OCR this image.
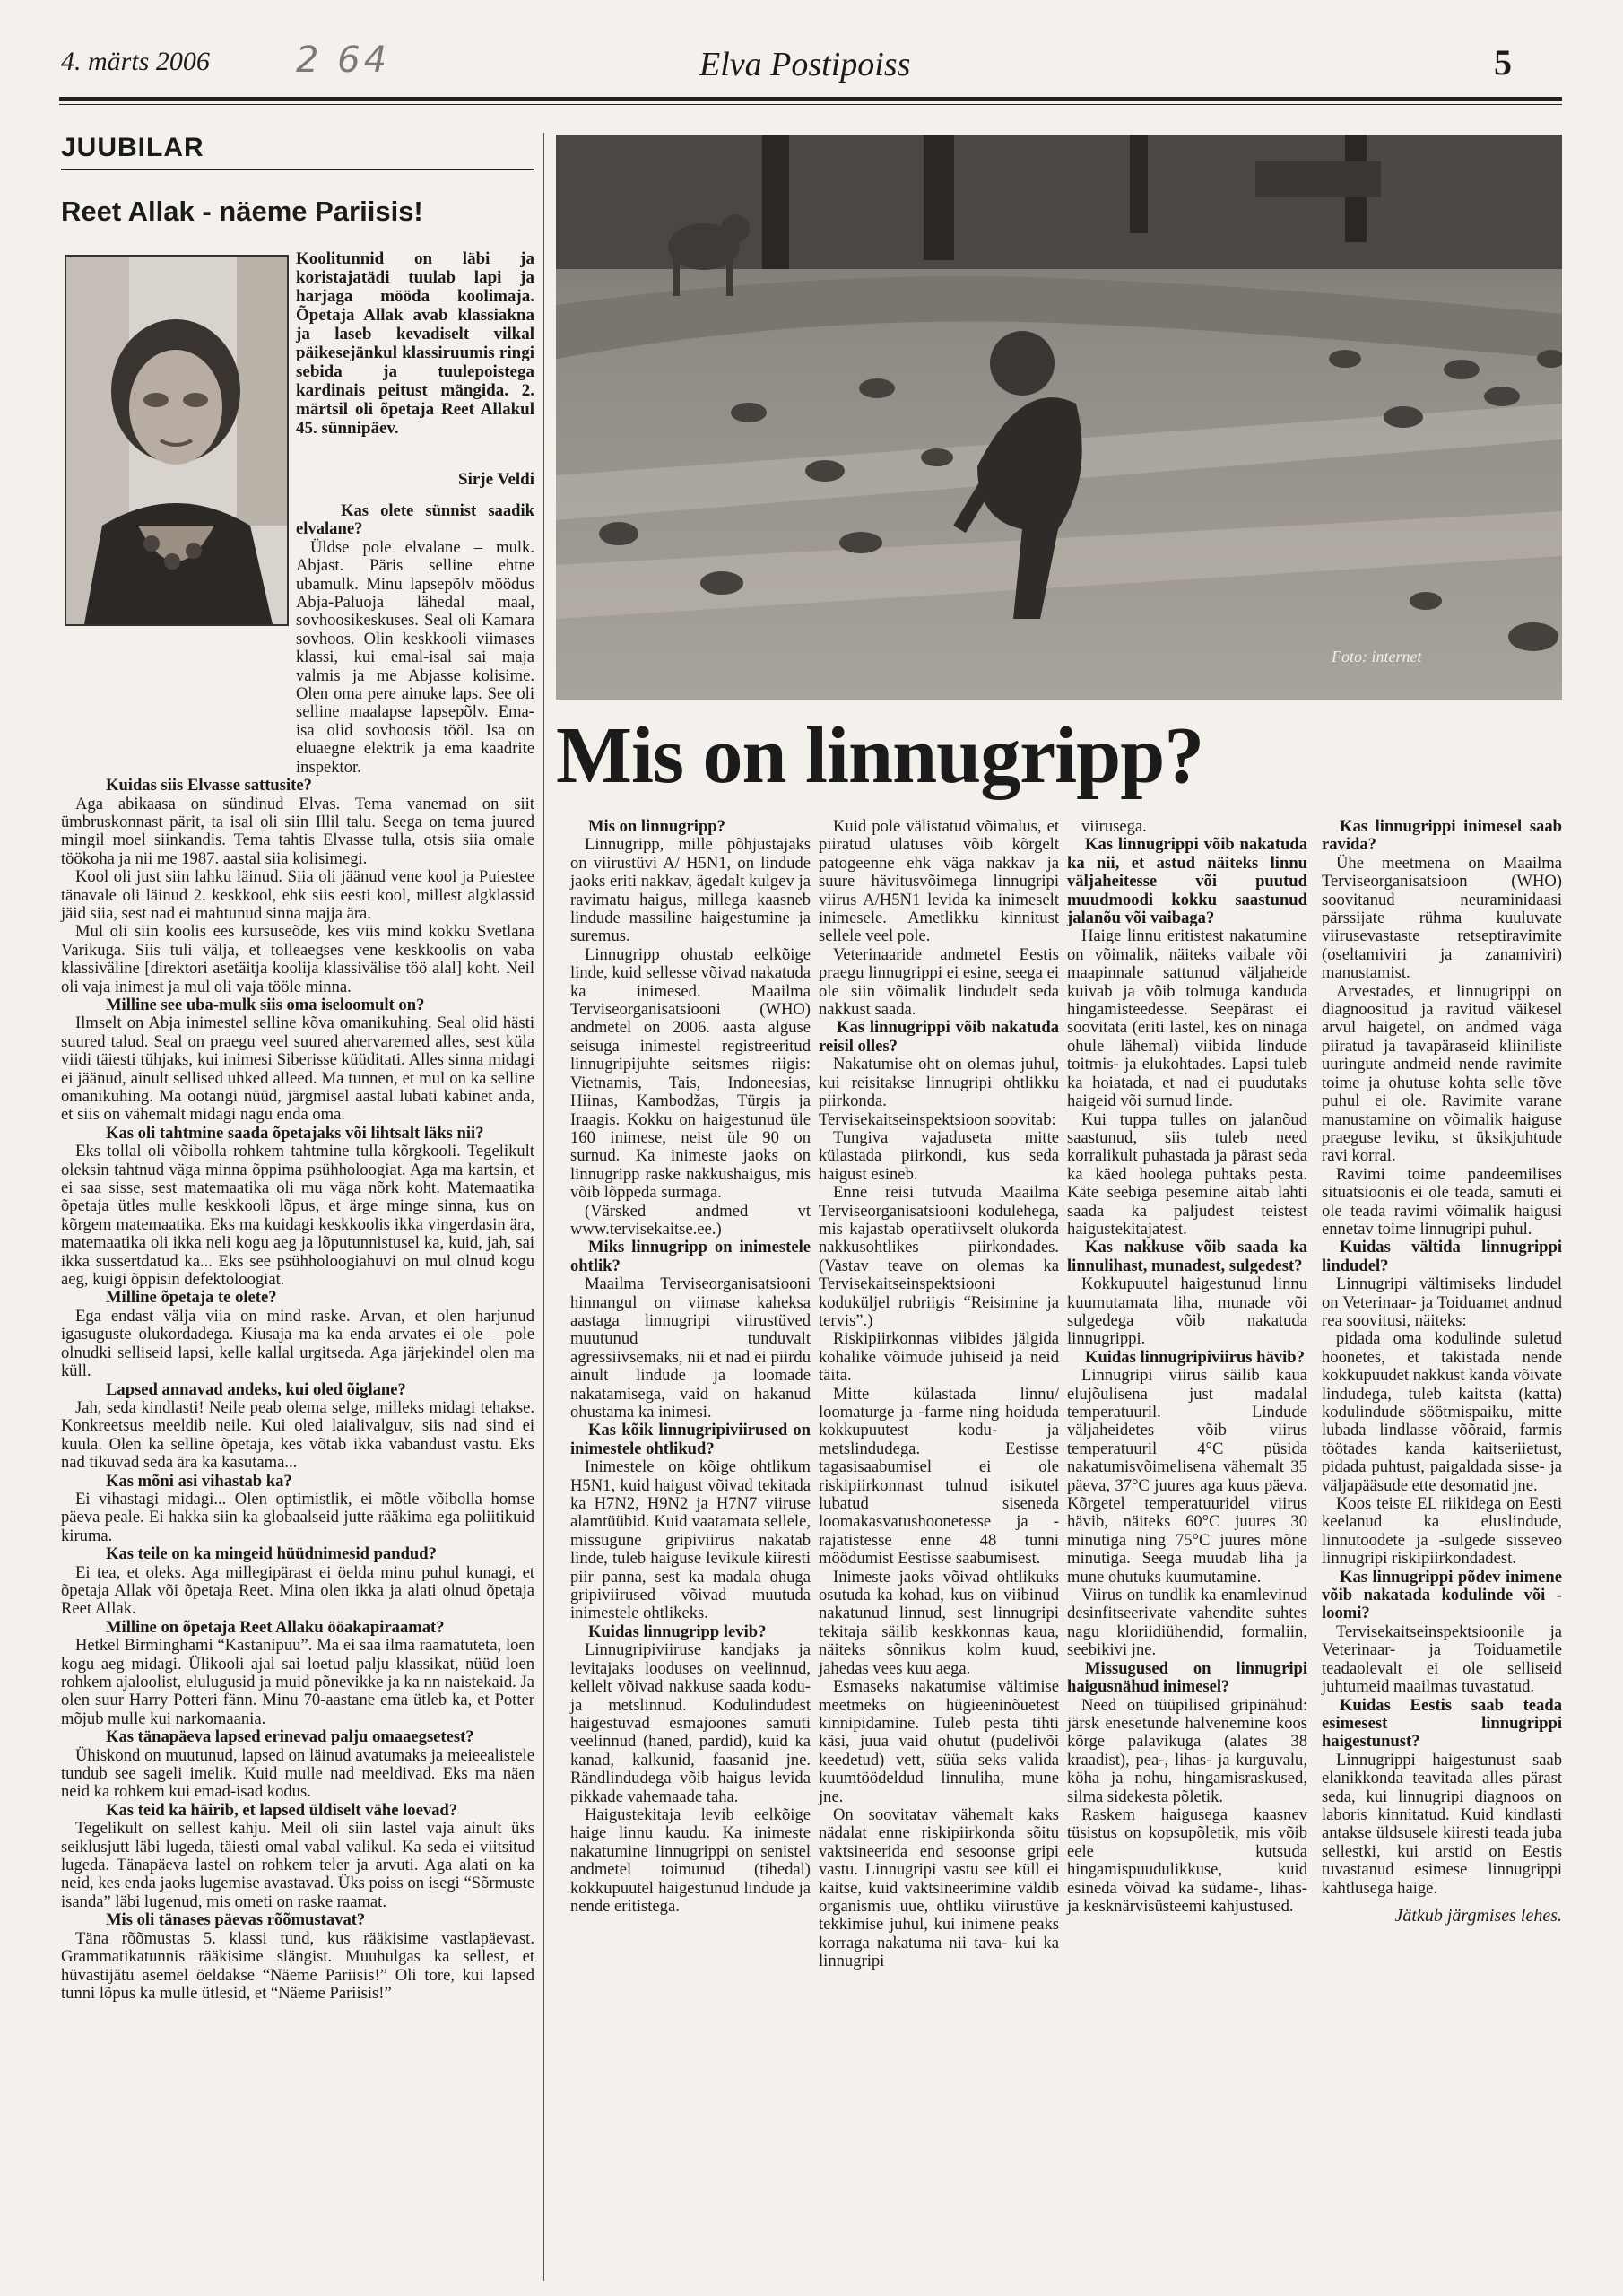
4. märts 2006 2 64	Elva Postipoiss	5
JUUBILAR
Reet Allak - näeme Pariisis!

Koolitunnid on läbi ja koristajatädi tuulab lapi ja harjaga mööda koolimaja. Õpetaja Allak avab klassiakna ja laseb kevadiselt vilkal päikesejänkul klassiruumis ringi sebida ja tuulepoistega kardinais peitust mängida. 2. märtsil oli õpetaja Reet Allakul 45. sünnipäev.

Sirje Veldi

Kas olete sünnist saadik elvalane?

Üldse pole elvalane – mulk. Abjast. Päris selline ehtne ubamulk. Minu lapsepõlv möödus Abja-Paluoja lähedal maal, sovhoosikeskuses. Seal oli Kamara sovhoos. Olin keskkooli viimases klassi, kui emal-isal sai maja valmis ja me Abjasse kolisime. Olen oma pere ainuke laps. See oli selline maalapse lapsepõlv. Ema-isa olid sovhoosis tööl. Isa on eluaegne elektrik ja ema kaadrite inspektor.

Kuidas siis Elvasse sattusite?

Aga abikaasa on sündinud Elvas. Tema vanemad on siit ümbruskonnast pärit, ta isal oli siin Illil talu. Seega on tema juured mingil moel siinkandis. Tema tahtis Elvasse tulla, otsis siia omale töökoha ja nii me 1987. aastal siia kolisimegi.

Kool oli just siin lahku läinud. Siia oli jäänud vene kool ja Puiestee tänavale oli läinud 2. keskkool, ehk siis eesti kool, millest algklassid jäid siia, sest nad ei mahtunud sinna majja ära.

Mul oli siin koolis ees kursuseõde, kes viis mind kokku Svetlana Varikuga. Siis tuli välja, et tolleaegses vene keskkoolis on vaba klassiväline [direktori asetäitja koolija klassivälise töö alal] koht. Neil oli vaja inimest ja mul oli vaja tööle minna.

Milline see uba-mulk siis oma iseloomult on?

Ilmselt on Abja inimestel selline kõva omanikuhing. Seal olid hästi suured talud. Seal on praegu veel suured ahervaremed alles, sest küla viidi täiesti tühjaks, kui inimesi Siberisse küüditati. Alles sinna midagi ei jäänud, ainult sellised uhked alleed. Ma tunnen, et mul on ka selline omanikuhing. Ma ootangi nüüd, järgmisel aastal lubati kabinet anda, et siis on vähemalt midagi nagu enda oma.

Kas oli tahtmine saada õpetajaks või lihtsalt läks nii?

Eks tollal oli võibolla rohkem tahtmine tulla kõrgkooli. Tegelikult oleksin tahtnud väga minna õppima psühholoogiat. Aga ma kartsin, et ei saa sisse, sest matemaatika oli mu väga nõrk koht. Matemaatika õpetaja ütles mulle keskkooli lõpus, et ärge minge sinna, kus on kõrgem matemaatika. Eks ma kuidagi keskkoolis ikka vingerdasin ära, matemaatika oli ikka neli kogu aeg ja lõputunnistusel ka, kuid, jah, sai ikka sussertdatud ka... Eks see psühholoogiahuvi on mul olnud kogu aeg, kuigi õppisin defektoloogiat.

Milline õpetaja te olete?

Ega endast välja viia on mind raske. Arvan, et olen harjunud igasuguste olukordadega. Kiusaja ma ka enda arvates ei ole – pole olnudki selliseid lapsi, kelle kallal urgitseda. Aga järjekindel olen ma küll.

Lapsed annavad andeks, kui oled õiglane?

Jah, seda kindlasti! Neile peab olema selge, milleks midagi tehakse. Konkreetsus meeldib neile. Kui oled laialivalguv, siis nad sind ei kuula. Olen ka selline õpetaja, kes võtab ikka vabandust vastu. Eks nad tikuvad seda ära ka kasutama...

Kas mõni asi vihastab ka?

Ei vihastagi midagi... Olen optimistlik, ei mõtle võibolla homse päeva peale. Ei hakka siin ka globaalseid jutte rääkima ega poliitikuid kiruma.

Kas teile on ka mingeid hüüdnimesid pandud?

Ei tea, et oleks. Aga millegipärast ei öelda minu puhul kunagi, et õpetaja Allak või õpetaja Reet. Mina olen ikka ja alati olnud õpetaja Reet Allak.

Milline on õpetaja Reet Allaku ööakapiraamat?

Hetkel Birminghami “Kastanipuu”. Ma ei saa ilma raamatuteta, loen kogu aeg midagi. Ülikooli ajal sai loetud palju klassikat, nüüd loen rohkem ajaloolist, elulugusid ja muid põnevikke ja ka nn naistekaid. Ja olen suur Harry Potteri fänn. Minu 70-aastane ema ütleb ka, et Potter mõjub mulle kui narkomaania.

Kas tänapäeva lapsed erinevad palju omaaegsetest?

Ühiskond on muutunud, lapsed on läinud avatumaks ja meieealistele tundub see sageli imelik. Kuid mulle nad meeldivad. Eks ma näen neid ka rohkem kui emad-isad kodus.

Kas teid ka häirib, et lapsed üldiselt vähe loevad?

Tegelikult on sellest kahju. Meil oli siin lastel vaja ainult üks seiklusjutt läbi lugeda, täiesti omal vabal valikul. Ka seda ei viitsitud lugeda. Tänapäeva lastel on rohkem teler ja arvuti. Aga alati on ka neid, kes enda jaoks lugemise avastavad. Üks poiss on isegi “Sõrmuste isanda” läbi lugenud, mis ometi on raske raamat.

Mis oli tänases päevas rõõmustavat?

Täna rõõmustas 5. klassi tund, kus rääkisime vastlapäevast. Grammatikatunnis rääkisime slängist. Muuhulgas ka sellest, et hüvastijätu asemel öeldakse “Näeme Pariisis!” Oli tore, kui lapsed tunni lõpus ka mulle ütlesid, et “Näeme Pariisis!”

Foto: internet
Mis on linnugripp?

Mis on linnugripp?

Linnugripp, mille põhjustajaks on viirustüvi A/ H5N1, on lindude jaoks eriti nakkav, ägedalt kulgev ja ravimatu haigus, millega kaasneb lindude massiline haigestumine ja suremus.

Linnugripp ohustab eelkõige linde, kuid sellesse võivad nakatuda ka inimesed. Maailma Terviseorganisatsiooni (WHO) andmetel on 2006. aasta alguse seisuga inimestel registreeritud linnugripijuhte seitsmes riigis: Vietnamis, Tais, Indoneesias, Hiinas, Kambodžas, Türgis ja Iraagis. Kokku on haigestunud üle 160 inimese, neist üle 90 on surnud. Ka inimeste jaoks on linnugripp raske nakkushaigus, mis võib lõppeda surmaga.

(Värsked andmed vt www.tervisekaitse.ee.)

Miks linnugripp on inimestele ohtlik?

Maailma Terviseorganisatsiooni hinnangul on viimase kaheksa aastaga linnugripi viirustüved muutunud tunduvalt agressiivsemaks, nii et nad ei piirdu ainult lindude ja loomade nakatamisega, vaid on hakanud ohustama ka inimesi.

Kas kõik linnugripiviirused on inimestele ohtlikud?

Inimestele on kõige ohtlikum H5N1, kuid haigust võivad tekitada ka H7N2, H9N2 ja H7N7 viiruse alamtüübid. Kuid vaatamata sellele, missugune gripiviirus nakatab linde, tuleb haiguse levikule kiiresti piir panna, sest ka madala ohuga gripiviirused võivad muutuda inimestele ohtlikeks.

Kuidas linnugripp levib?

Linnugripiviiruse kandjaks ja levitajaks looduses on veelinnud, kellelt võivad nakkuse saada kodu- ja metslinnud. Kodulindudest haigestuvad esmajoones samuti veelinnud (haned, pardid), kuid ka kanad, kalkunid, faasanid jne. Rändlindudega võib haigus levida pikkade vahemaade taha.

Haigustekitaja levib eelkõige haige linnu kaudu. Ka inimeste nakatumine linnugrippi on senistel andmetel toimunud (tihedal) kokkupuutel haigestunud lindude ja nende eritistega.

Kuid pole välistatud võimalus, et piiratud ulatuses võib kõrgelt patogeenne ehk väga nakkav ja suure hävitusvõimega linnugripi viirus A/H5N1 levida ka inimeselt inimesele. Ametlikku kinnitust sellele veel pole.

Veterinaaride andmetel Eestis praegu linnugrippi ei esine, seega ei ole siin võimalik lindudelt seda nakkust saada.

Kas linnugrippi võib nakatuda reisil olles?

Nakatumise oht on olemas juhul, kui reisitakse linnugripi ohtlikku piirkonda. Tervisekaitseinspektsioon soovitab:

Tungiva vajaduseta mitte külastada piirkondi, kus seda haigust esineb.

Enne reisi tutvuda Maailma Terviseorganisatsiooni kodulehega, mis kajastab operatiivselt olukorda nakkusohtlikes piirkondades. (Vastav teave on olemas ka Tervisekaitseinspektsiooni koduküljel rubriigis “Reisimine ja tervis”.)

Riskipiirkonnas viibides jälgida kohalike võimude juhiseid ja neid täita.

Mitte külastada linnu/ loomaturge ja -farme ning hoiduda kokkupuutest kodu- ja metslindudega. Eestisse tagasisaabumisel ei ole riskipiirkonnast tulnud isikutel lubatud sisenedа loomakasvatushoonetesse ja -rajatistesse enne 48 tunni möödumist Eestisse saabumisest.

Inimeste jaoks võivad ohtlikuks osutuda ka kohad, kus on viibinud nakatunud linnud, sest linnugripi tekitaja säilib keskkonnas kaua, näiteks sõnnikus kolm kuud, jahedas vees kuu aega.

Esmaseks nakatumise vältimise meetmeks on hügieeninõuetest kinnipidamine. Tuleb pesta tihti käsi, juua vaid ohutut (pudelivõi keedetud) vett, süüa seks valida kuumtöödeldud linnuliha, mune jne.

On soovitatav vähemalt kaks nädalat enne riskipiirkonda sõitu vaktsineerida end sesoonse gripi vastu. Linnugripi vastu see küll ei kaitse, kuid vaktsineerimine väldib organismis uue, ohtliku viirustüve tekkimise juhul, kui inimene peaks korraga nakatuma nii tava- kui ka linnugripi

viirusega.

Kas linnugrippi võib nakatuda ka nii, et astud näiteks linnu väljaheitesse või puutud muudmoodi kokku saastunud jalanõu või vaibaga?

Haige linnu eritistest nakatumine on võimalik, näiteks vaibale või maapinnale sattunud väljaheide kuivab ja võib tolmuga kandudа hingamisteedesse. Seepärast ei soovitata (eriti lastel, kes on ninaga ohule lähemal) viibida lindude toitmis- ja elukohtades. Lapsi tuleb ka hoiatada, et nad ei puudutaks haigeid või surnud linde.

Kui tuppa tulles on jalanõud saastunud, siis tuleb need korralikult puhastada ja pärast seda ka käed hoolega puhtaks pesta. Käte seebiga pesemine aitab lahti saada ka paljudest teistest haigustekitajatest.

Kas nakkuse võib saada ka linnulihast, munadest, sulgedest?

Kokkupuutel haigestunud linnu kuumutamata liha, munade või sulgedega võib nakatuda linnugrippi.

Kuidas linnugripiviirus hävib?

Linnugripi viirus säilib kaua elujõulisena just madalal temperatuuril. Lindude väljaheidetes võib viirus temperatuuril 4°C püsida nakatumisvõimelisena vähemalt 35 päeva, 37°C juures aga kuus päeva. Kõrgetel temperatuuridel viirus hävib, näiteks 60°C juures 30 minutiga ning 75°C juures mõne minutiga. Seega muudab liha ja mune ohutuks kuumutamine.

Viirus on tundlik ka enamlevinud desinfitseerivate vahendite suhtes nagu kloriidiühendid, formaliin, seebikivi jne.

Missugused on linnugripi haigusnähud inimesel?

Need on tüüpilised gripinähud: järsk enesetunde halvenemine koos kõrge palavikuga (alates 38 kraadist), pea-, lihas- ja kurguvalu, köha ja nohu, hingamisraskused, silma sidekesta põletik.

Raskem haigusega kaasnev tüsistus on kopsupõletik, mis võib eele kutsuda hingamispuudulikkuse, kuid esineda võivad ka südame-, lihas- ja kesknärvisüsteemi kahjustused.

Kas linnugrippi inimesel saab ravida?

Ühe meetmena on Maailma Terviseorganisatsioon (WHO) soovitanud neuraminidaasi pärssijate rühma kuuluvate viirusevastaste retseptiravimite (oseltamiviri ja zanamiviri) manustamist.

Arvestades, et linnugrippi on diagnoositud ja ravitud väikesel arvul haigetel, on andmed väga piiratud ja tavapäraseid kliiniliste uuringute andmeid nende ravimite toime ja ohutuse kohta selle tõve puhul ei ole. Ravimite varane manustamine on võimalik haiguse praeguse leviku, st üksikjuhtude ravi korral.

Ravimi toime pandeemilises situatsioonis ei ole teada, samuti ei ole teada ravimi võimalik haigusi ennetav toime linnugripi puhul.

Kuidas vältida linnugrippi lindudel?

Linnugripi vältimiseks lindudel on Veterinaar- ja Toiduamet andnud rea soovitusi, näiteks:

pidada oma kodulinde suletud hoonetes, et takistada nende kokkupuudet nakkust kanda võivate lindudega, tuleb kaitsta (katta) kodulindude söötmispaiku, mitte lubada lindlasse võõraid, farmis töötades kanda kaitseriietust, pidada puhtust, paigaldada sisse- ja väljapääsude ette desomatid jne.

Koos teiste EL riikidega on Eesti keelanud ka eluslindude, linnutoodete ja -sulgede sisseveo linnugripi riskipiirkondadest.

Kas linnugrippi põdev inimene võib nakatada kodulinde või -loomi?

Tervisekaitseinspektsioonile ja Veterinaar- ja Toiduametile teadaolevalt ei ole selliseid juhtumeid maailmas tuvastatud.

Kuidas Eestis saab teada esimesest linnugrippi haigestunust?

Linnugrippi haigestunust saab elanikkonda teavitada alles pärast seda, kui linnugripi diagnoos on laboris kinnitatud. Kuid kindlasti antakse üldsusele kiiresti teada juba sellestki, kui arstid on Eestis tuvastanud esimese linnugrippi kahtlusega haige.

Jätkub järgmises lehes.
